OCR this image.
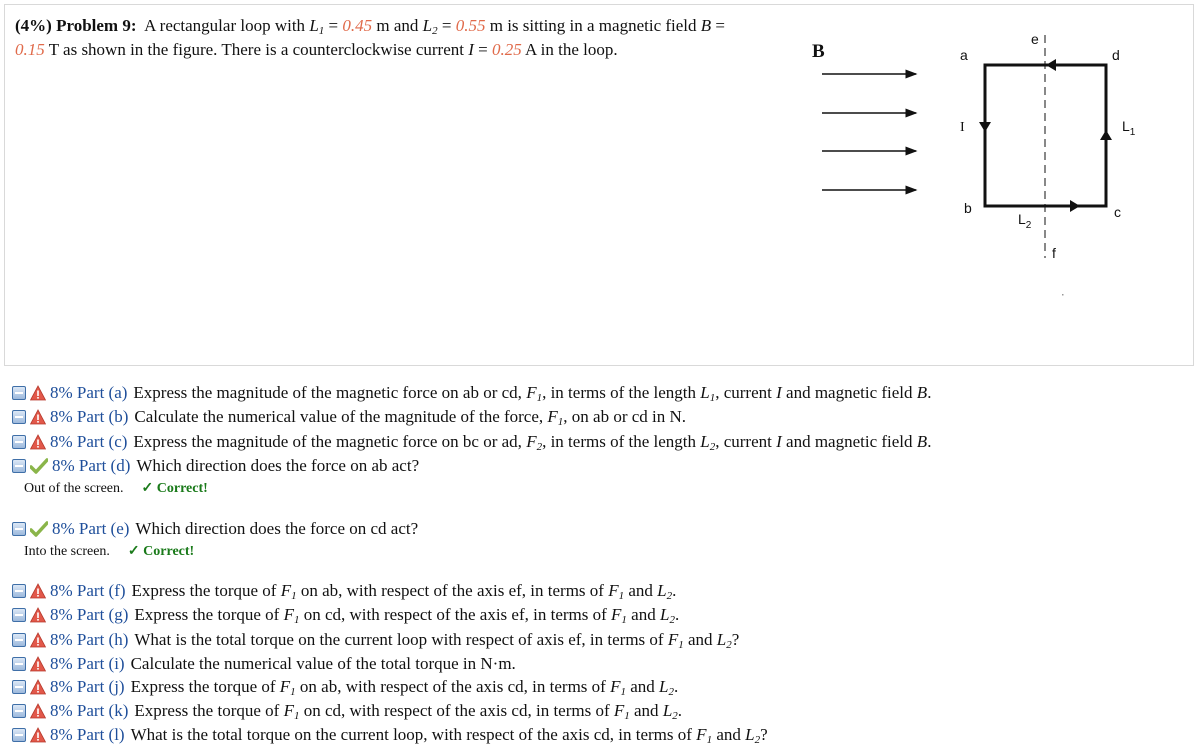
(4%) Problem 9: A rectangular loop with $L_1 = 0.45$ m and $L_2 = 0.55$ m is sitting in a magnetic field B =
0.15 T as shown in the figure. There is a counterclockwise current I = 0.25 A in the loop.	B⃗	a
e
d
I	$L_1$
b
$L_2$
c
f
8% Part (a) Express the magnitude of the magnetic force on ab or cd, $F_1$, in terms of the length $L_1$, current I and magnetic field B.
8% Part (b) Calculate the numerical value of the magnitude of the force, $F_1$, on ab or cd in N.
8% Part (c) Express the magnitude of the magnetic force on bc or ad, $F_2$, in terms of the length $L_2$, current I and magnetic field B.
8% Part (d) Which direction does the force on ab act?
Out of the screen. ✓ Correct!
8% Part (e) Which direction does the force on cd act?
Into the screen. ✓ Correct!
8% Part (f) Express the torque of $F_1$ on ab, with respect of the axis ef, in terms of $F_1$ and $L_2$.
8% Part (g) Express the torque of $F_1$ on cd, with respect of the axis ef, in terms of $F_1$ and $L_2$.
8% Part (h) What is the total torque on the current loop with respect of axis ef, in terms of $F_1$ and $L_2$?
8% Part (i) Calculate the numerical value of the total torque in N·m.
8% Part (j) Express the torque of $F_1$ on ab, with respect of the axis cd, in terms of $F_1$ and $L_2$.
8% Part (k) Express the torque of $F_1$ on cd, with respect of the axis cd, in terms of $F_1$ and $L_2$.
8% Part (l) What is the total torque on the current loop, with respect of the axis cd, in terms of $F_1$ and $L_2$?
